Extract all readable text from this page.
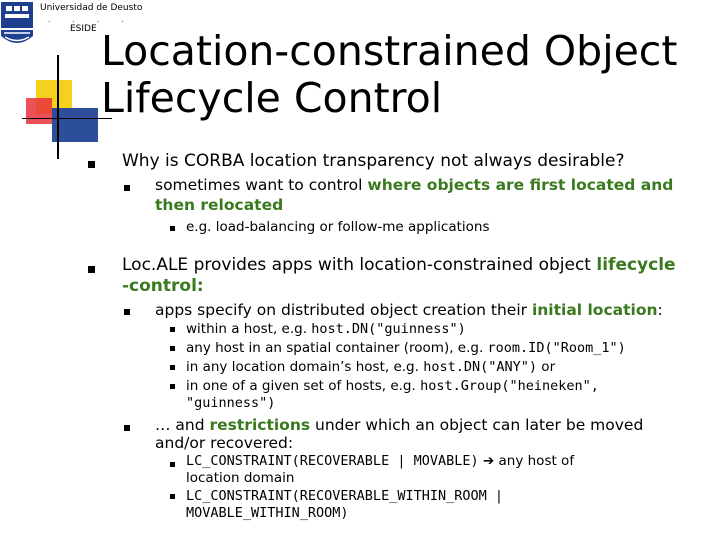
Universidad de Deusto
. . . .
ESIDE Location-constrained Object
Lifecycle Control
Why is CORBA location transparency not always desirable?
sometimes want to control where objects are first located and
then relocated
e.g. load-balancing or follow-me applications
Loc.ALE provides apps with location-constrained object lifecycle
-control:
apps specify on distributed object creation their initial location:
within a host, e.g. host.DN("guinness")
any host in an spatial container (room), e.g. room.ID("Room_1")
in any location domain’s host, e.g. host.DN("ANY") or
in one of a given set of hosts, e.g. host.Group("heineken",
"guinness")
… and restrictions under which an object can later be moved
and/or recovered:
LC_CONSTRAINT(RECOVERABLE | MOVABLE) ➔ any host of
location domain
LC_CONSTRAINT(RECOVERABLE_WITHIN_ROOM |
MOVABLE_WITHIN_ROOM)
